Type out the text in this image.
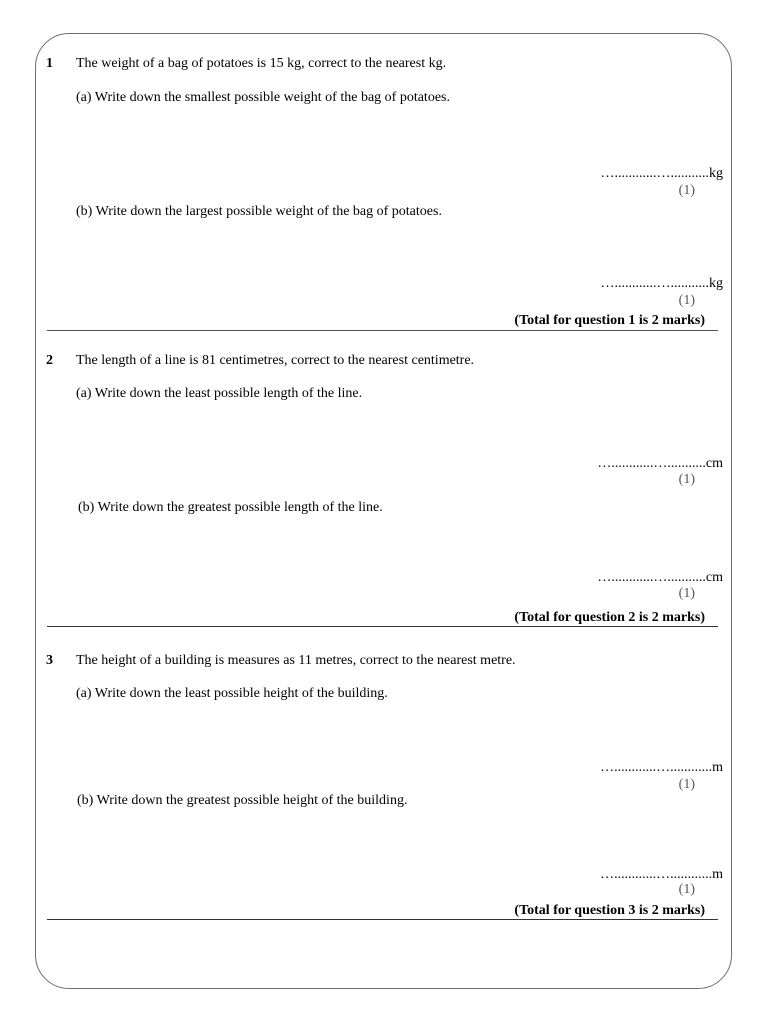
1 The weight of a bag of potatoes is 15 kg, correct to the nearest kg.
(a) Write down the smallest possible weight of the bag of potatoes.
…............…...........kg
(1)
(b) Write down the largest possible weight of the bag of potatoes.
…............…...........kg
(1)
(Total for question 1 is 2 marks)
2 The length of a line is 81 centimetres, correct to the nearest centimetre.
(a) Write down the least possible length of the line.
…............…...........cm
(1)
(b) Write down the greatest possible length of the line.
…............…...........cm
(1)
(Total for question 2 is 2 marks)
3 The height of a building is measures as 11 metres, correct to the nearest metre.
(a) Write down the least possible height of the building.
…............…............m
(1)
(b) Write down the greatest possible height of the building.
…............…............m
(1)
(Total for question 3 is 2 marks)
